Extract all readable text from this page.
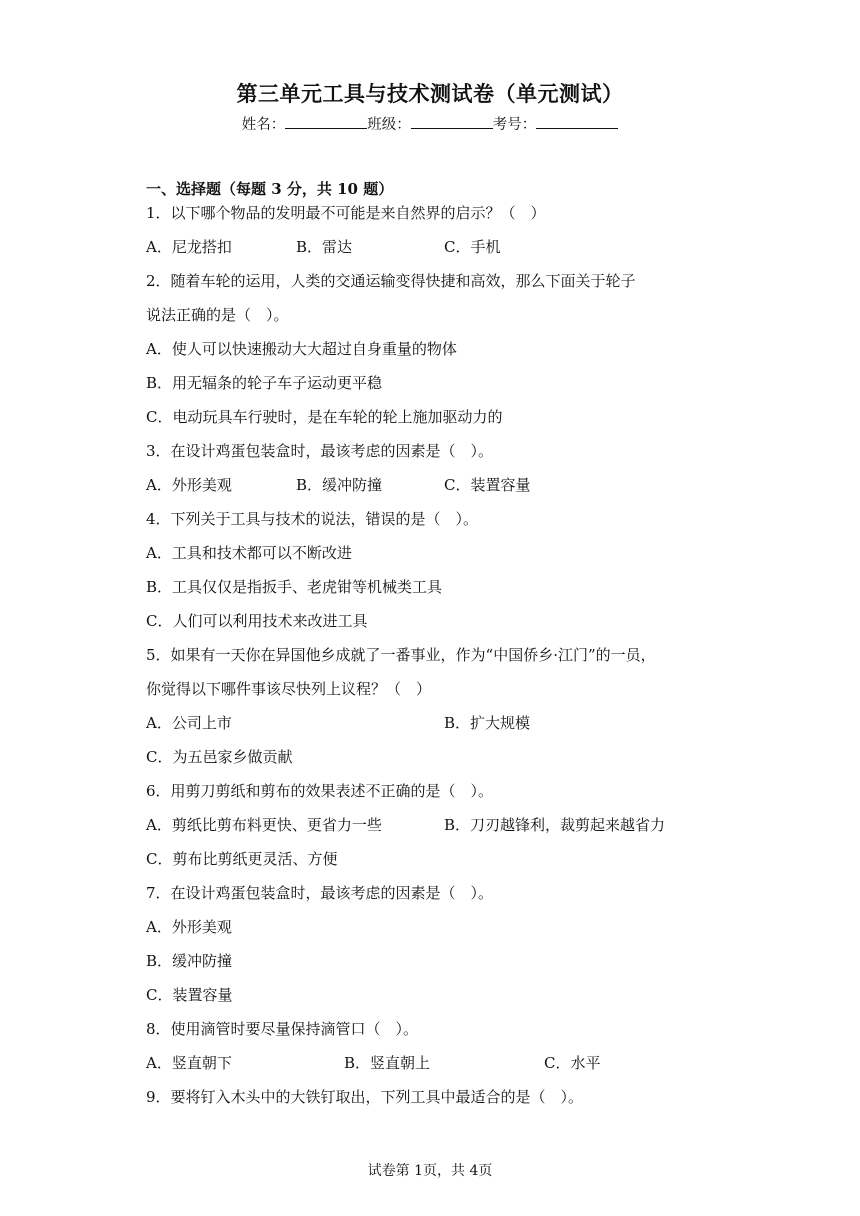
第三单元工具与技术测试卷（单元测试）
姓名：	班级：	考号：
一、选择题（每题 3 分，共 10 题）
1．以下哪个物品的发明最不可能是来自然界的启示？（　）
A．尼龙搭扣	B．雷达	C．手机
2．随着车轮的运用，人类的交通运输变得快捷和高效，那么下面关于轮子
说法正确的是（　）。
A．使人可以快速搬动大大超过自身重量的物体
B．用无辐条的轮子车子运动更平稳
C．电动玩具车行驶时，是在车轮的轮上施加驱动力的
3．在设计鸡蛋包装盒时，最该考虑的因素是（　）。
A．外形美观	B．缓冲防撞	C．装置容量
4．下列关于工具与技术的说法，错误的是（　）。
A．工具和技术都可以不断改进
B．工具仅仅是指扳手、老虎钳等机械类工具
C．人们可以利用技术来改进工具
5．如果有一天你在异国他乡成就了一番事业，作为“中国侨乡·江门”的一员，
你觉得以下哪件事该尽快列上议程？（　）
A．公司上市	B．扩大规模
C．为五邑家乡做贡献
6．用剪刀剪纸和剪布的效果表述不正确的是（　）。
A．剪纸比剪布料更快、更省力一些	B．刀刃越锋利，裁剪起来越省力
C．剪布比剪纸更灵活、方便
7．在设计鸡蛋包装盒时，最该考虑的因素是（　）。
A．外形美观
B．缓冲防撞
C．装置容量
8．使用滴管时要尽量保持滴管口（　）。
A．竖直朝下	B．竖直朝上	C．水平
9．要将钉入木头中的大铁钉取出，下列工具中最适合的是（　）。
试卷第 1页，共 4页
